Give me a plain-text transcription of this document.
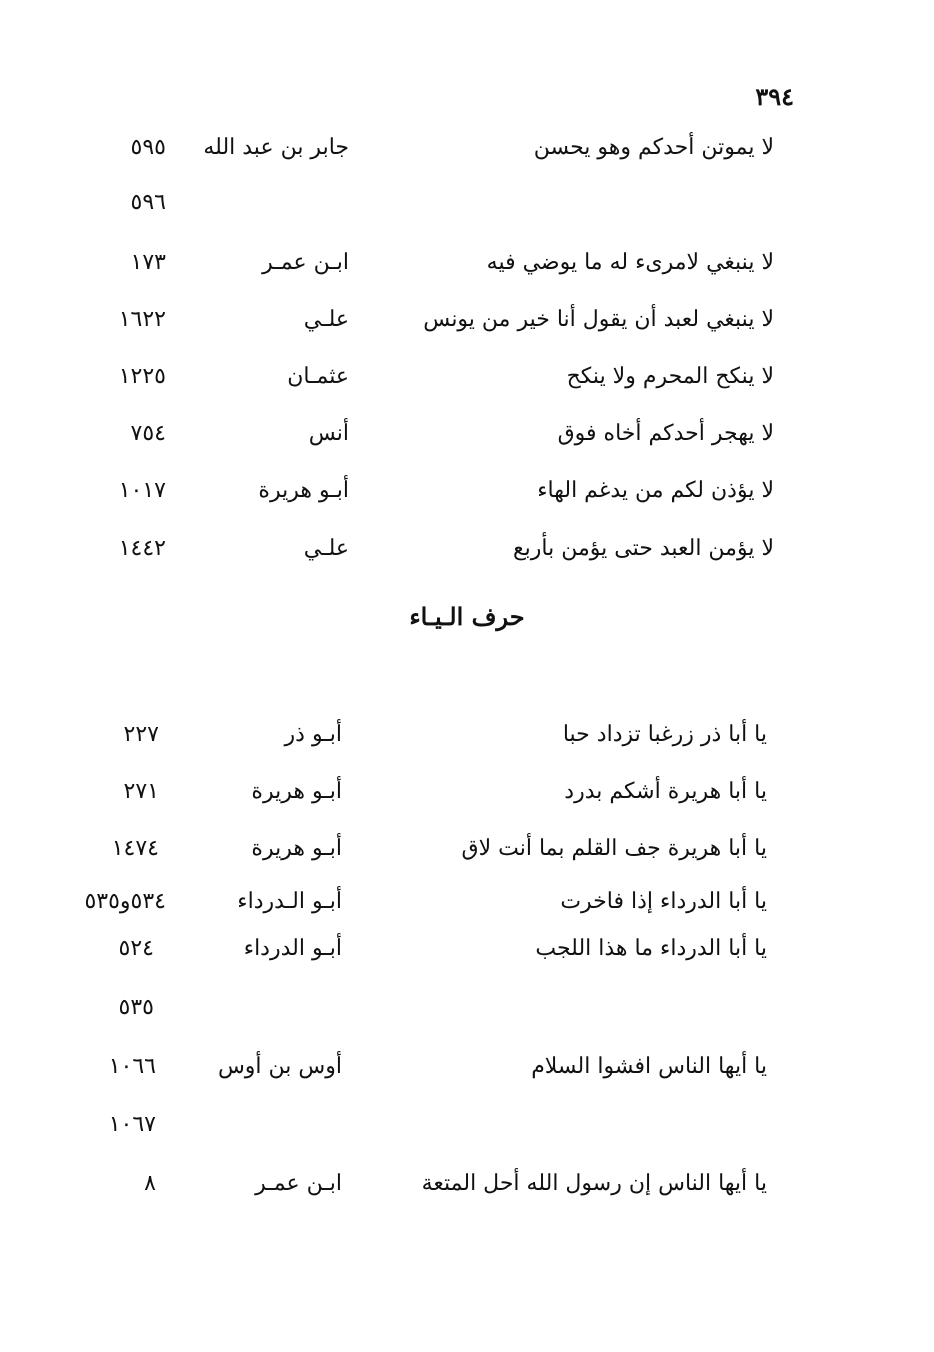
٣٩٤
لا يموتن أحدكم وهو يحسن
جابر بن عبد الله
٥٩٥
٥٩٦
لا ينبغي لامرىء له ما يوضي فيه
ابـن عمـر
١٧٣
لا ينبغي لعبد أن يقول أنا خير من يونس
علـي
١٦٢٢
لا ينكح المحرم ولا ينكح
عثمـان
١٢٢٥
لا يهجر أحدكم أخاه فوق
أنس
٧٥٤
لا يؤذن لكم من يدغم الهاء
أبـو هريرة
١٠١٧
لا يؤمن العبد حتى يؤمن بأربع
علـي
١٤٤٢
حرف الـيـاء
يا أبا ذر زرغبا تزداد حبا
أبـو ذر
٢٢٧
يا أبا هريرة أشكم بدرد
أبـو هريرة
٢٧١
يا أبا هريرة جف القلم بما أنت لاق
أبـو هريرة
١٤٧٤
يا أبا الدرداء إذا فاخرت
أبـو الـدرداء
٥٣٤و٥٣٥
يا أبا الدرداء ما هذا اللجب
أبـو الدرداء
٥٢٤
٥٣٥
يا أيها الناس افشوا السلام
أوس بن أوس
١٠٦٦
١٠٦٧
يا أيها الناس إن رسول الله أحل المتعة
ابـن عمـر
٨
